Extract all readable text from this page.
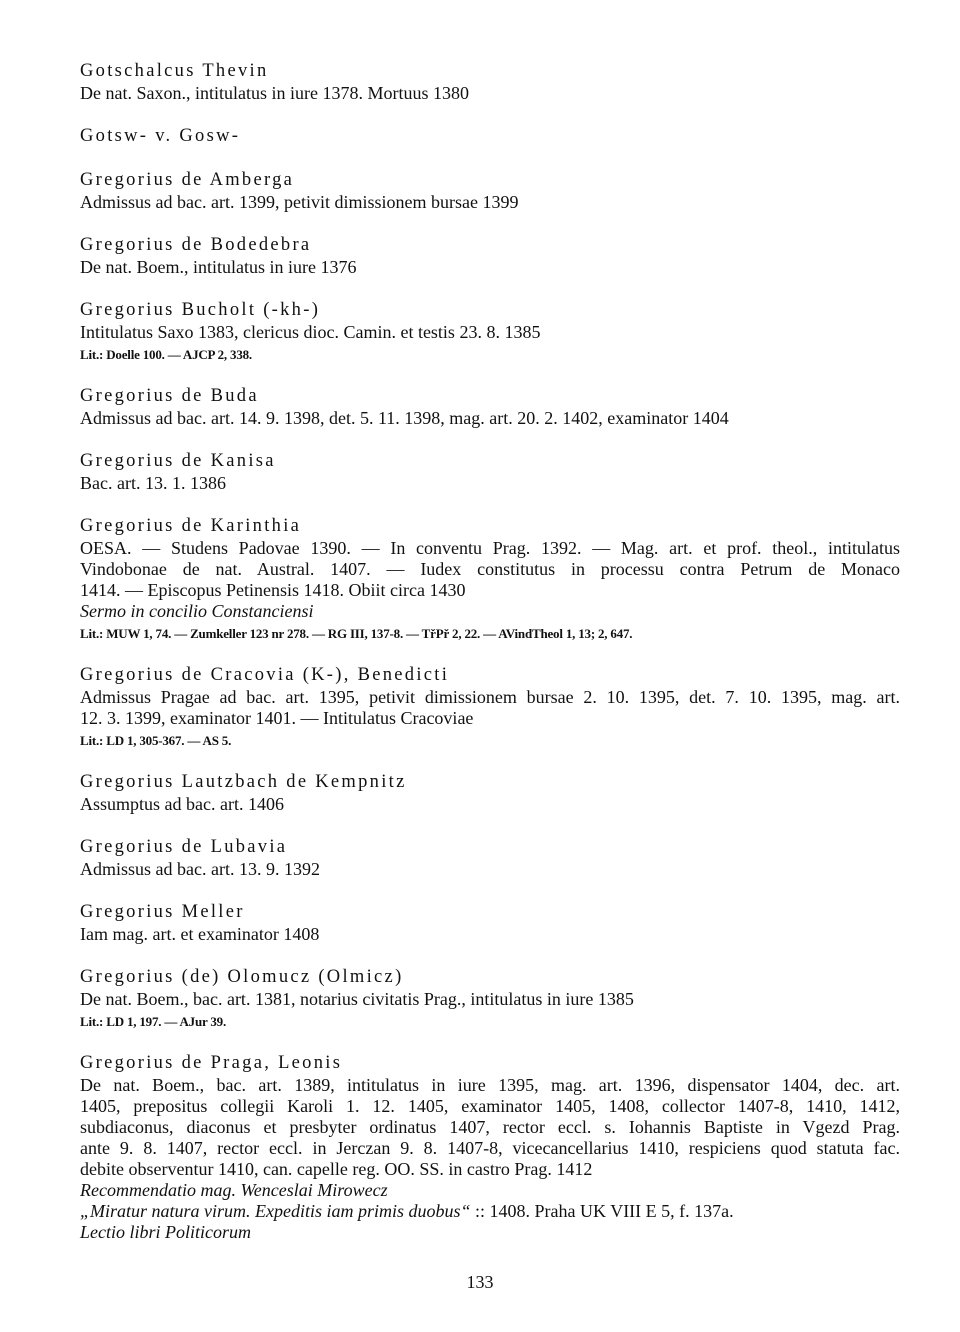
Gotschalcus Thevin
De nat. Saxon., intitulatus in iure 1378. Mortuus 1380
Gotsw- v. Gosw-
Gregorius de Amberga
Admissus ad bac. art. 1399, petivit dimissionem bursae 1399
Gregorius de Bodedebra
De nat. Boem., intitulatus in iure 1376
Gregorius Bucholt (-kh-)
Intitulatus Saxo 1383, clericus dioc. Camin. et testis 23. 8. 1385
Lit.: Doelle 100. — AJCP 2, 338.
Gregorius de Buda
Admissus ad bac. art. 14. 9. 1398, det. 5. 11. 1398, mag. art. 20. 2. 1402, examinator 1404
Gregorius de Kanisa
Bac. art. 13. 1. 1386
Gregorius de Karinthia
OESA. — Studens Padovae 1390. — In conventu Prag. 1392. — Mag. art. et prof. theol., intitulatus
Vindobonae de nat. Austral. 1407. — Iudex constitutus in processu contra Petrum de Monaco
1414. — Episcopus Petinensis 1418. Obiit circa 1430
Sermo in concilio Constanciensi
Lit.: MUW 1, 74. — Zumkeller 123 nr 278. — RG III, 137-8. — TřPř 2, 22. — AVindTheol 1, 13; 2, 647.
Gregorius de Cracovia (K-), Benedicti
Admissus Pragae ad bac. art. 1395, petivit dimissionem bursae 2. 10. 1395, det. 7. 10. 1395, mag. art.
12. 3. 1399, examinator 1401. — Intitulatus Cracoviae
Lit.: LD 1, 305-367. — AS 5.
Gregorius Lautzbach de Kempnitz
Assumptus ad bac. art. 1406
Gregorius de Lubavia
Admissus ad bac. art. 13. 9. 1392
Gregorius Meller
Iam mag. art. et examinator 1408
Gregorius (de) Olomucz (Olmicz)
De nat. Boem., bac. art. 1381, notarius civitatis Prag., intitulatus in iure 1385
Lit.: LD 1, 197. — AJur 39.
Gregorius de Praga, Leonis
De nat. Boem., bac. art. 1389, intitulatus in iure 1395, mag. art. 1396, dispensator 1404, dec. art.
1405, prepositus collegii Karoli 1. 12. 1405, examinator 1405, 1408, collector 1407-8, 1410, 1412,
subdiaconus, diaconus et presbyter ordinatus 1407, rector eccl. s. Iohannis Baptiste in Vgezd Prag.
ante 9. 8. 1407, rector eccl. in Jerczan 9. 8. 1407-8, vicecancellarius 1410, respiciens quod statuta fac.
debite observentur 1410, can. capelle reg. OO. SS. in castro Prag. 1412
Recommendatio mag. Wenceslai Mirowecz
„Miratur natura virum. Expeditis iam primis duobus“ :: 1408. Praha UK VIII E 5, f. 137a.
Lectio libri Politicorum
133
